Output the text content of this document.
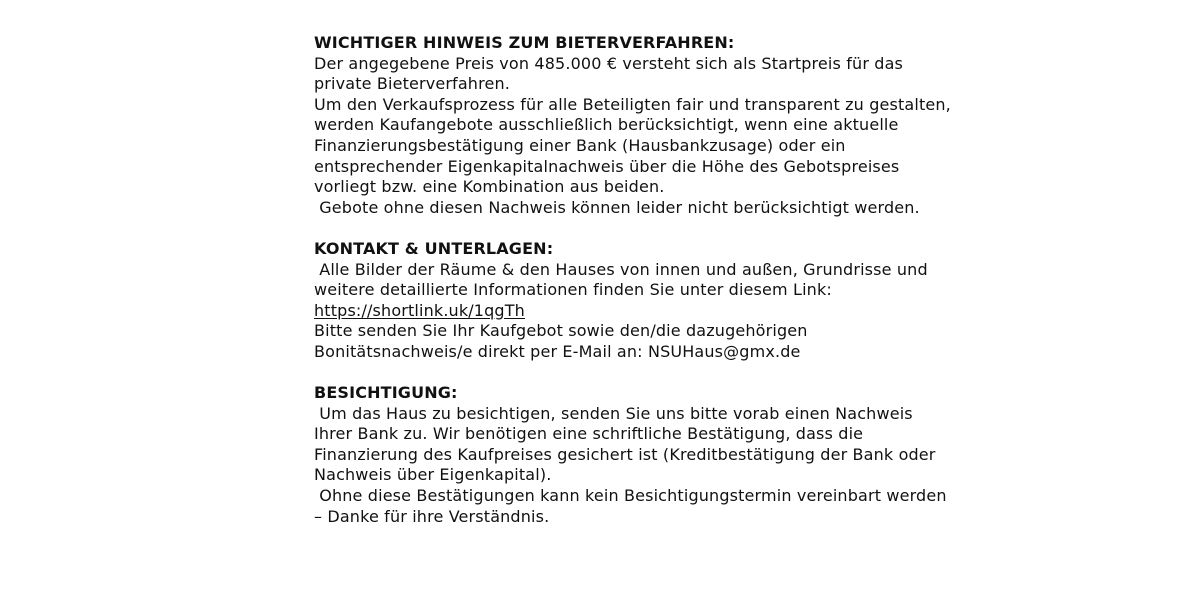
WICHTIGER HINWEIS ZUM BIETERVERFAHREN:
Der angegebene Preis von 485.000 € versteht sich als Startpreis für das
private Bieterverfahren.
Um den Verkaufsprozess für alle Beteiligten fair und transparent zu gestalten,
werden Kaufangebote ausschließlich berücksichtigt, wenn eine aktuelle
Finanzierungsbestätigung einer Bank (Hausbankzusage) oder ein
entsprechender Eigenkapitalnachweis über die Höhe des Gebotspreises
vorliegt bzw. eine Kombination aus beiden.
Gebote ohne diesen Nachweis können leider nicht berücksichtigt werden.
KONTAKT & UNTERLAGEN:
Alle Bilder der Räume & den Hauses von innen und außen, Grundrisse und
weitere detaillierte Informationen finden Sie unter diesem Link:
https://shortlink.uk/1qgTh
Bitte senden Sie Ihr Kaufgebot sowie den/die dazugehörigen
Bonitätsnachweis/e direkt per E-Mail an: NSUHaus@gmx.de
BESICHTIGUNG:
Um das Haus zu besichtigen, senden Sie uns bitte vorab einen Nachweis
Ihrer Bank zu. Wir benötigen eine schriftliche Bestätigung, dass die
Finanzierung des Kaufpreises gesichert ist (Kreditbestätigung der Bank oder
Nachweis über Eigenkapital).
Ohne diese Bestätigungen kann kein Besichtigungstermin vereinbart werden
– Danke für ihre Verständnis.
